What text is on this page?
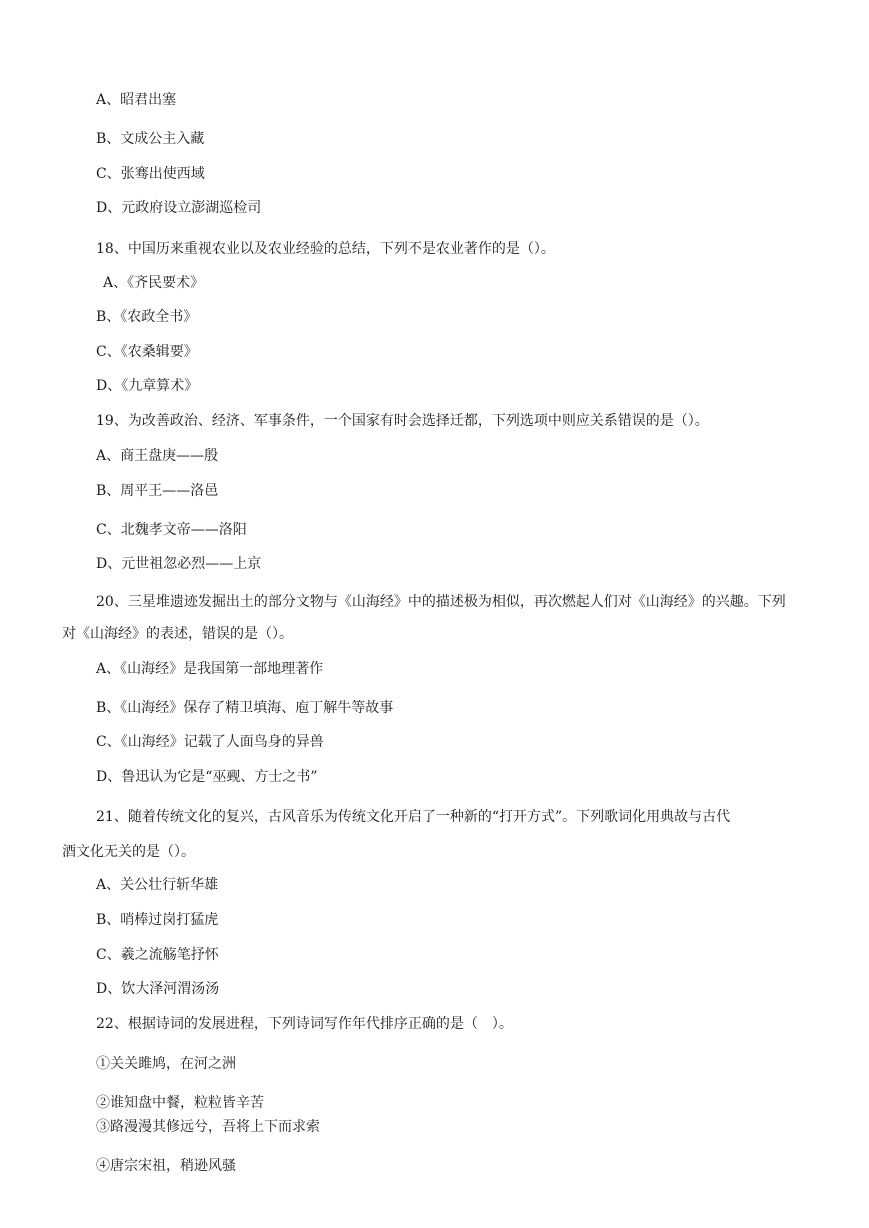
A、昭君出塞
B、文成公主入藏
C、张骞出使西域
D、元政府设立澎湖巡检司
18、中国历来重视农业以及农业经验的总结，下列不是农业著作的是（）。
A、《齐民要术》
B、《农政全书》
C、《农桑辑要》
D、《九章算术》
19、为改善政治、经济、军事条件，一个国家有时会选择迁都，下列选项中则应关系错误的是（）。
A、商王盘庚——殷
B、周平王——洛邑
C、北魏孝文帝——洛阳
D、元世祖忽必烈——上京
20、三星堆遗迹发掘出土的部分文物与《山海经》中的描述极为相似，再次燃起人们对《山海经》的兴趣。下列
对《山海经》的表述，错误的是（）。
A、《山海经》是我国第一部地理著作
B、《山海经》保存了精卫填海、庖丁解牛等故事
C、《山海经》记载了人面鸟身的异兽
D、鲁迅认为它是“巫觋、方士之书”
21、随着传统文化的复兴，古风音乐为传统文化开启了一种新的“打开方式”。下列歌词化用典故与古代
酒文化无关的是（）。
A、关公壮行斩华雄
B、哨棒过岗打猛虎
C、羲之流觞笔抒怀
D、饮大泽河渭汤汤
22、根据诗词的发展进程，下列诗词写作年代排序正确的是（　）。
①关关雎鸠，在河之洲
②谁知盘中餐，粒粒皆辛苦
③路漫漫其修远兮，吾将上下而求索
④唐宗宋祖，稍逊风骚
